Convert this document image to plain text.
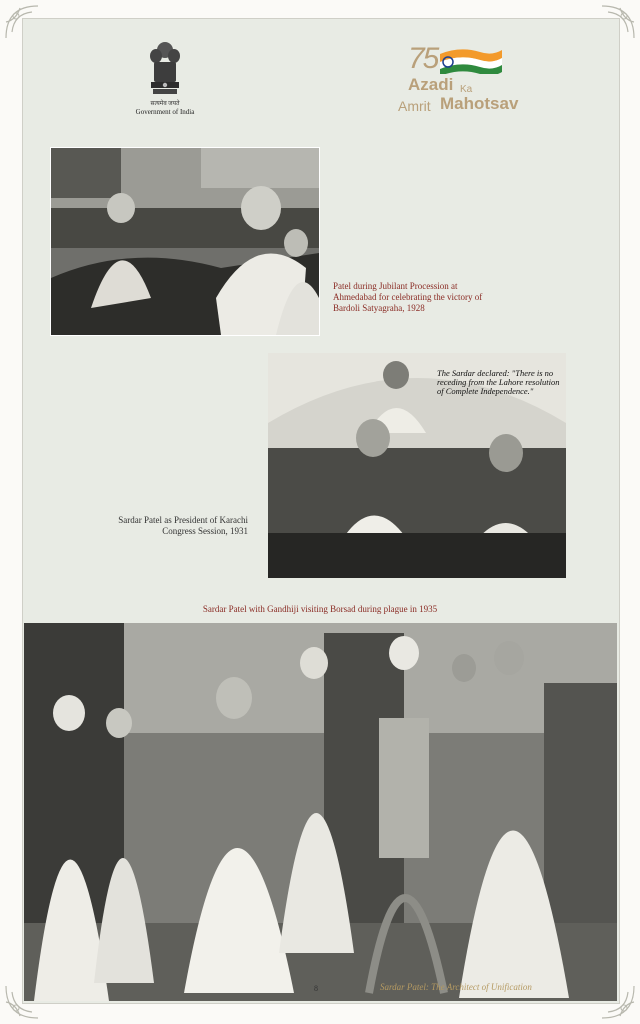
सत्यमेव जयते
Government of India
75
Azadi Ka
Amrit Mahotsav
Patel during Jubilant Procession at Ahmedabad for celebrating the victory of Bardoli Satyagraha, 1928
The Sardar declared: "There is no receding from the Lahore resolution of Complete Independence."
Sardar Patel as President of Karachi Congress Session, 1931
Sardar Patel with Gandhiji visiting Borsad during plague in 1935
8	Sardar Patel: The Architect of Unification
